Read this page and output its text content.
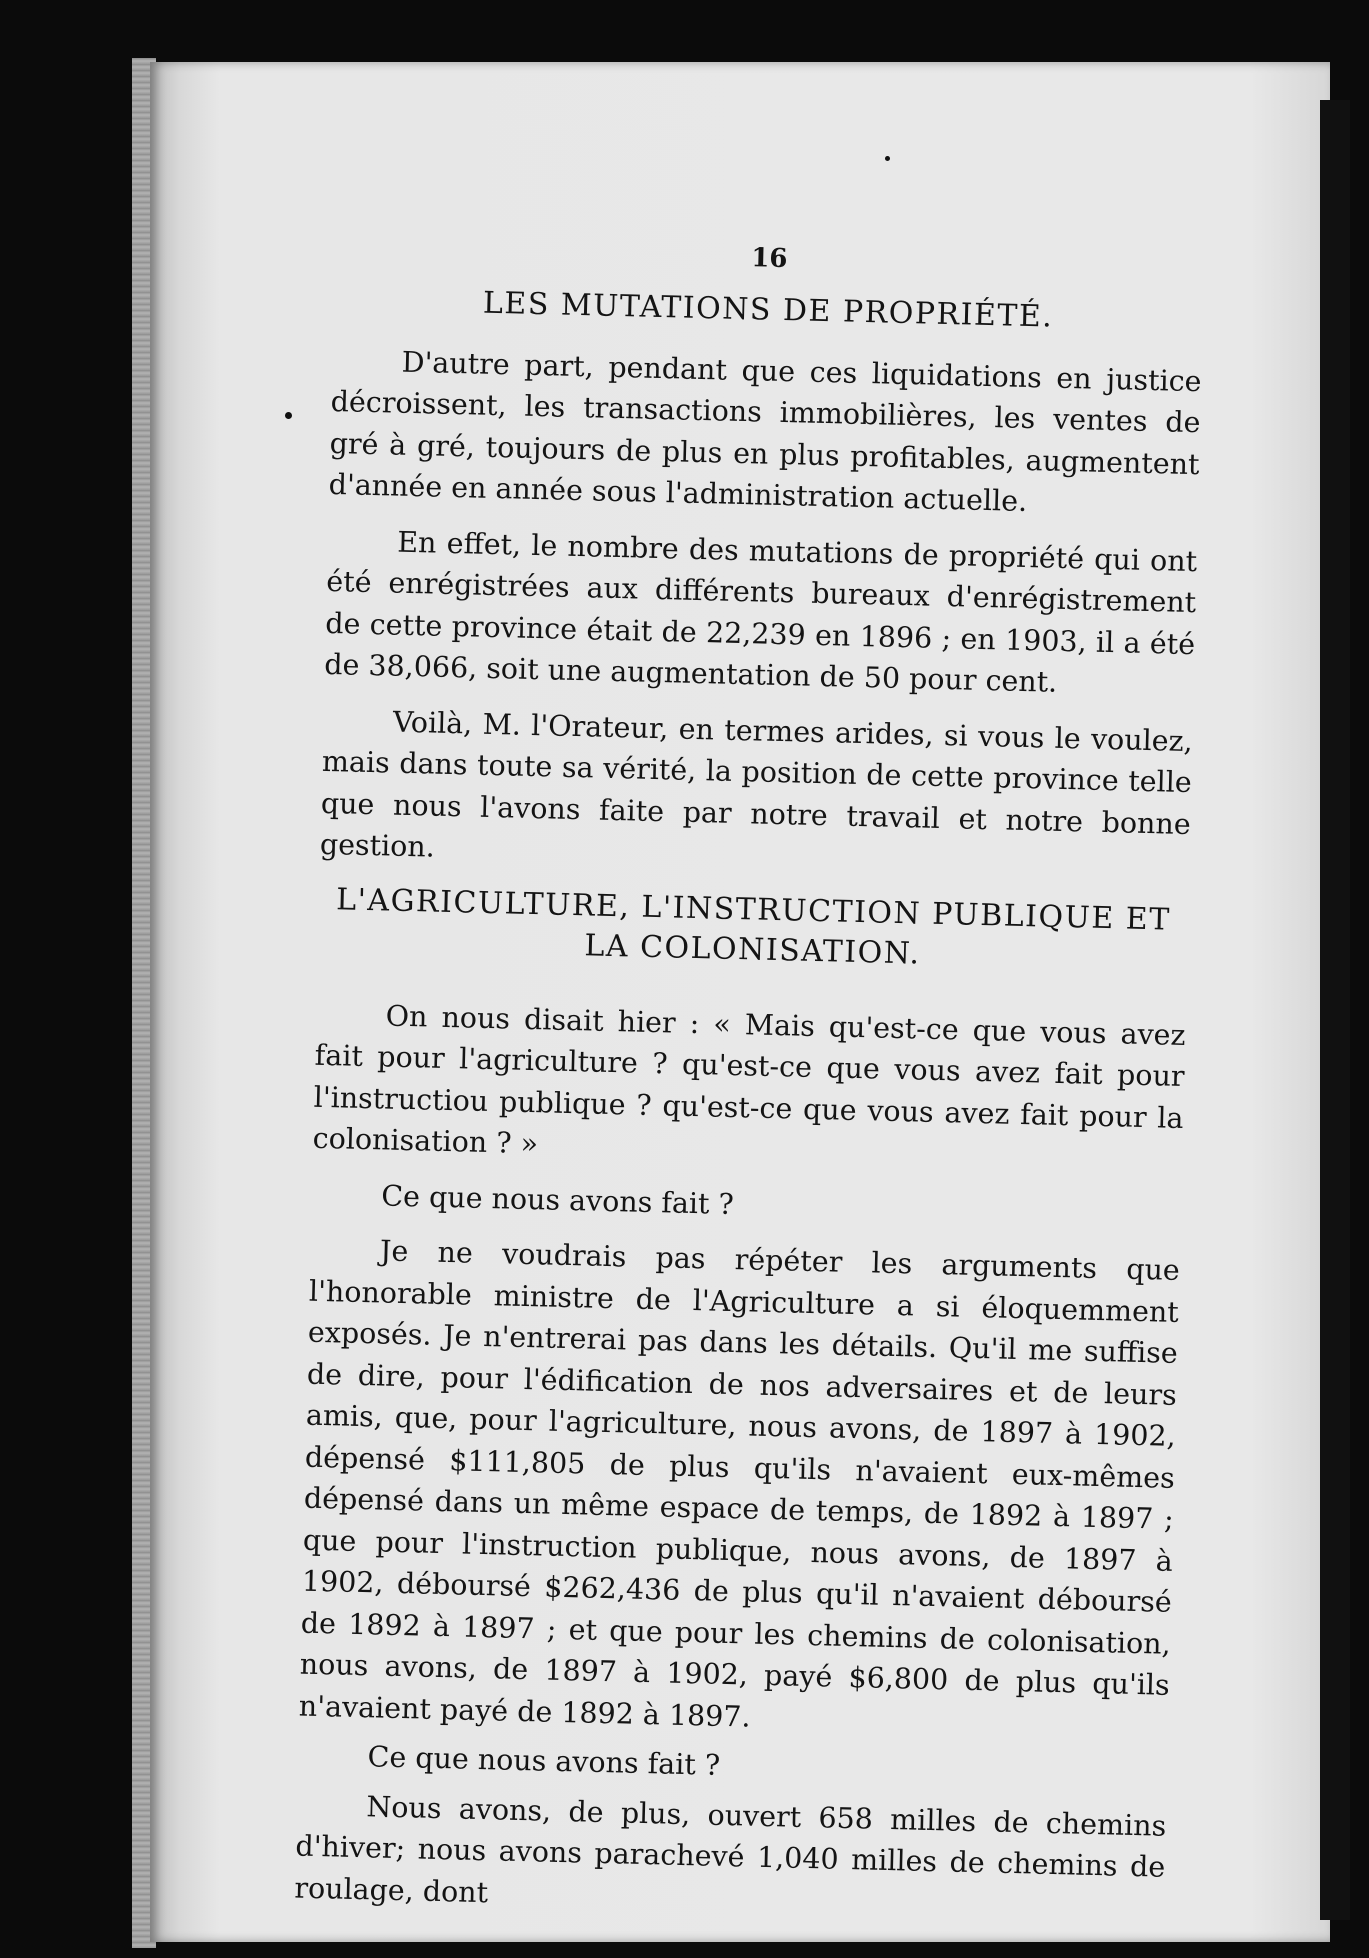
16
LES MUTATIONS DE PROPRIÉTÉ.

D'autre part, pendant que ces liquidations en justice décroissent, les transactions immobilières, les ventes de gré à gré, toujours de plus en plus profitables, augmentent d'année en année sous l'administration actuelle.

En effet, le nombre des mutations de propriété qui ont été enrégistrées aux différents bureaux d'enrégistrement de cette province était de 22,239 en 1896 ; en 1903, il a été de 38,066, soit une augmentation de 50 pour cent.

Voilà, M. l'Orateur, en termes arides, si vous le voulez, mais dans toute sa vérité, la position de cette province telle que nous l'avons faite par notre travail et notre bonne gestion.

L'AGRICULTURE, L'INSTRUCTION PUBLIQUE ET
LA COLONISATION.

On nous disait hier : « Mais qu'est-ce que vous avez fait pour l'agriculture ? qu'est-ce que vous avez fait pour l'instructiou publique ? qu'est-ce que vous avez fait pour la colonisation ? »

Ce que nous avons fait ?

Je ne voudrais pas répéter les arguments que l'honorable ministre de l'Agriculture a si éloquemment exposés. Je n'entrerai pas dans les détails. Qu'il me suffise de dire, pour l'édification de nos adversaires et de leurs amis, que, pour l'agriculture, nous avons, de 1897 à 1902, dépensé $111,805 de plus qu'ils n'avaient eux-mêmes dépensé dans un même espace de temps, de 1892 à 1897 ; que pour l'instruction publique, nous avons, de 1897 à 1902, déboursé $262,436 de plus qu'il n'avaient déboursé de 1892 à 1897 ; et que pour les chemins de colonisation, nous avons, de 1897 à 1902, payé $6,800 de plus qu'ils n'avaient payé de 1892 à 1897.

Ce que nous avons fait ?

Nous avons, de plus, ouvert 658 milles de chemins d'hiver; nous avons parachevé 1,040 milles de chemins de roulage, dont
